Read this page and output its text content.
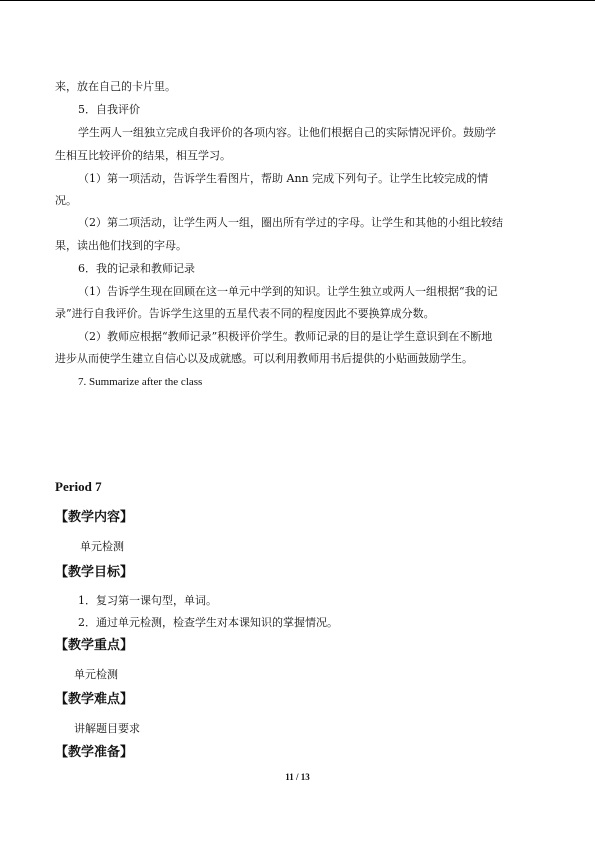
来，放在自己的卡片里。
5．自我评价
学生两人一组独立完成自我评价的各项内容。让他们根据自己的实际情况评价。鼓励学
生相互比较评价的结果，相互学习。
（1）第一项活动，告诉学生看图片，帮助 Ann 完成下列句子。让学生比较完成的情
况。
（2）第二项活动，让学生两人一组，圈出所有学过的字母。让学生和其他的小组比较结
果，读出他们找到的字母。
6．我的记录和教师记录
（1）告诉学生现在回顾在这一单元中学到的知识。让学生独立或两人一组根据“我的记
录”进行自我评价。告诉学生这里的五星代表不同的程度因此不要换算成分数。
（2）教师应根据“教师记录”积极评价学生。教师记录的目的是让学生意识到在不断地
进步从而使学生建立自信心以及成就感。可以利用教师用书后提供的小贴画鼓励学生。
7. Summarize after the class
Period 7
【教学内容】
单元检测
【教学目标】
1．复习第一课句型，单词。
2．通过单元检测，检查学生对本课知识的掌握情况。
【教学重点】
单元检测
【教学难点】
讲解题目要求
【教学准备】
11 / 13
